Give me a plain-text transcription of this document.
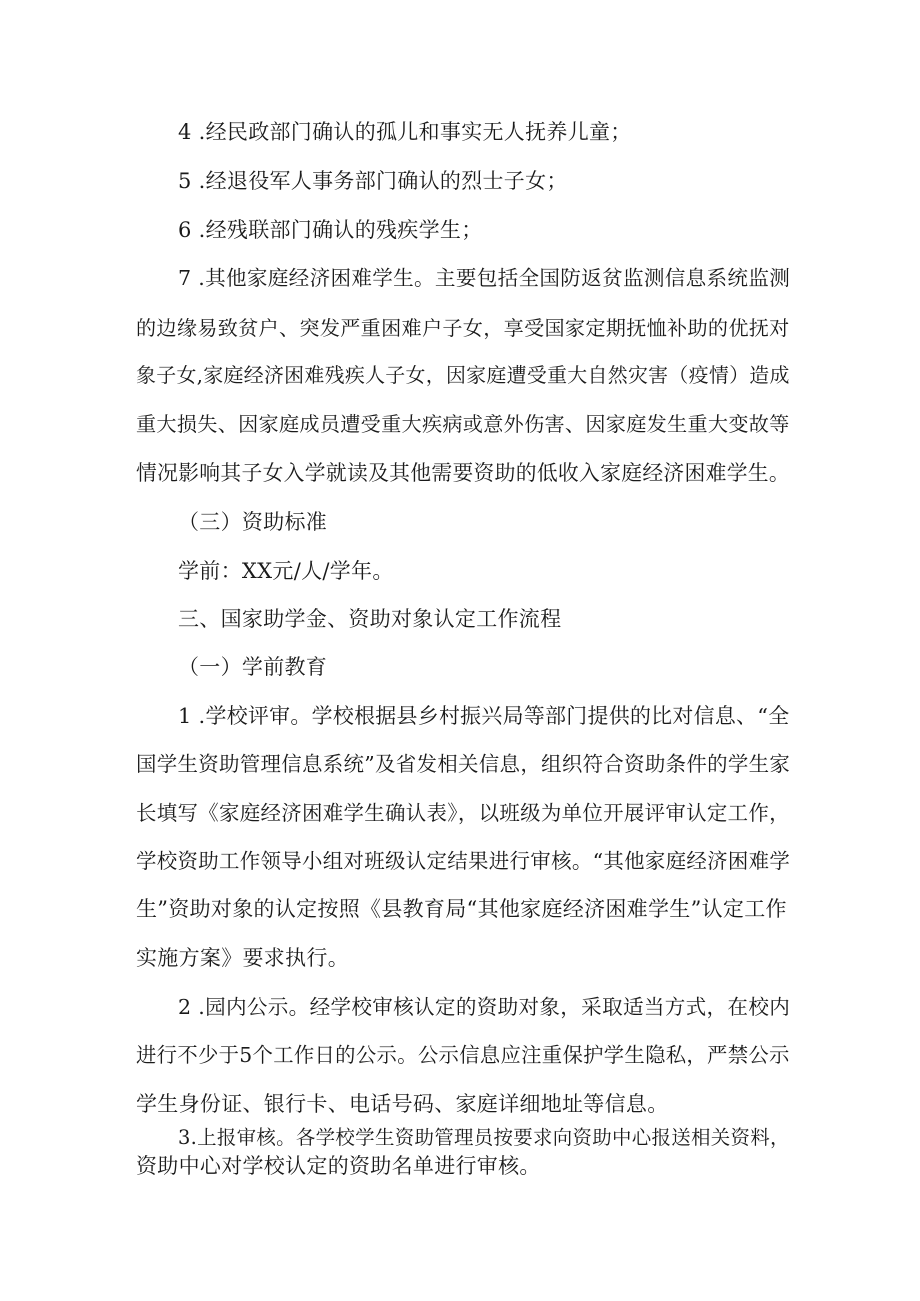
4 .经民政部门确认的孤儿和事实无人抚养儿童；
5 .经退役军人事务部门确认的烈士子女；
6 .经残联部门确认的残疾学生；
7 .其他家庭经济困难学生。主要包括全国防返贫监测信息系统监测
的边缘易致贫户、突发严重困难户子女，享受国家定期抚恤补助的优抚对
象子女,家庭经济困难残疾人子女，因家庭遭受重大自然灾害（疫情）造成
重大损失、因家庭成员遭受重大疾病或意外伤害、因家庭发生重大变故等
情况影响其子女入学就读及其他需要资助的低收入家庭经济困难学生。
（三）资助标准
学前：XX元/人/学年。
三、国家助学金、资助对象认定工作流程
（一）学前教育
1 .学校评审。学校根据县乡村振兴局等部门提供的比对信息、“全
国学生资助管理信息系统”及省发相关信息，组织符合资助条件的学生家
长填写《家庭经济困难学生确认表》，以班级为单位开展评审认定工作，
学校资助工作领导小组对班级认定结果进行审核。“其他家庭经济困难学
生”资助对象的认定按照《县教育局“其他家庭经济困难学生”认定工作
实施方案》要求执行。
2 .园内公示。经学校审核认定的资助对象，采取适当方式，在校内
进行不少于5个工作日的公示。公示信息应注重保护学生隐私，严禁公示
学生身份证、银行卡、电话号码、家庭详细地址等信息。
3.上报审核。各学校学生资助管理员按要求向资助中心报送相关资料，
资助中心对学校认定的资助名单进行审核。
